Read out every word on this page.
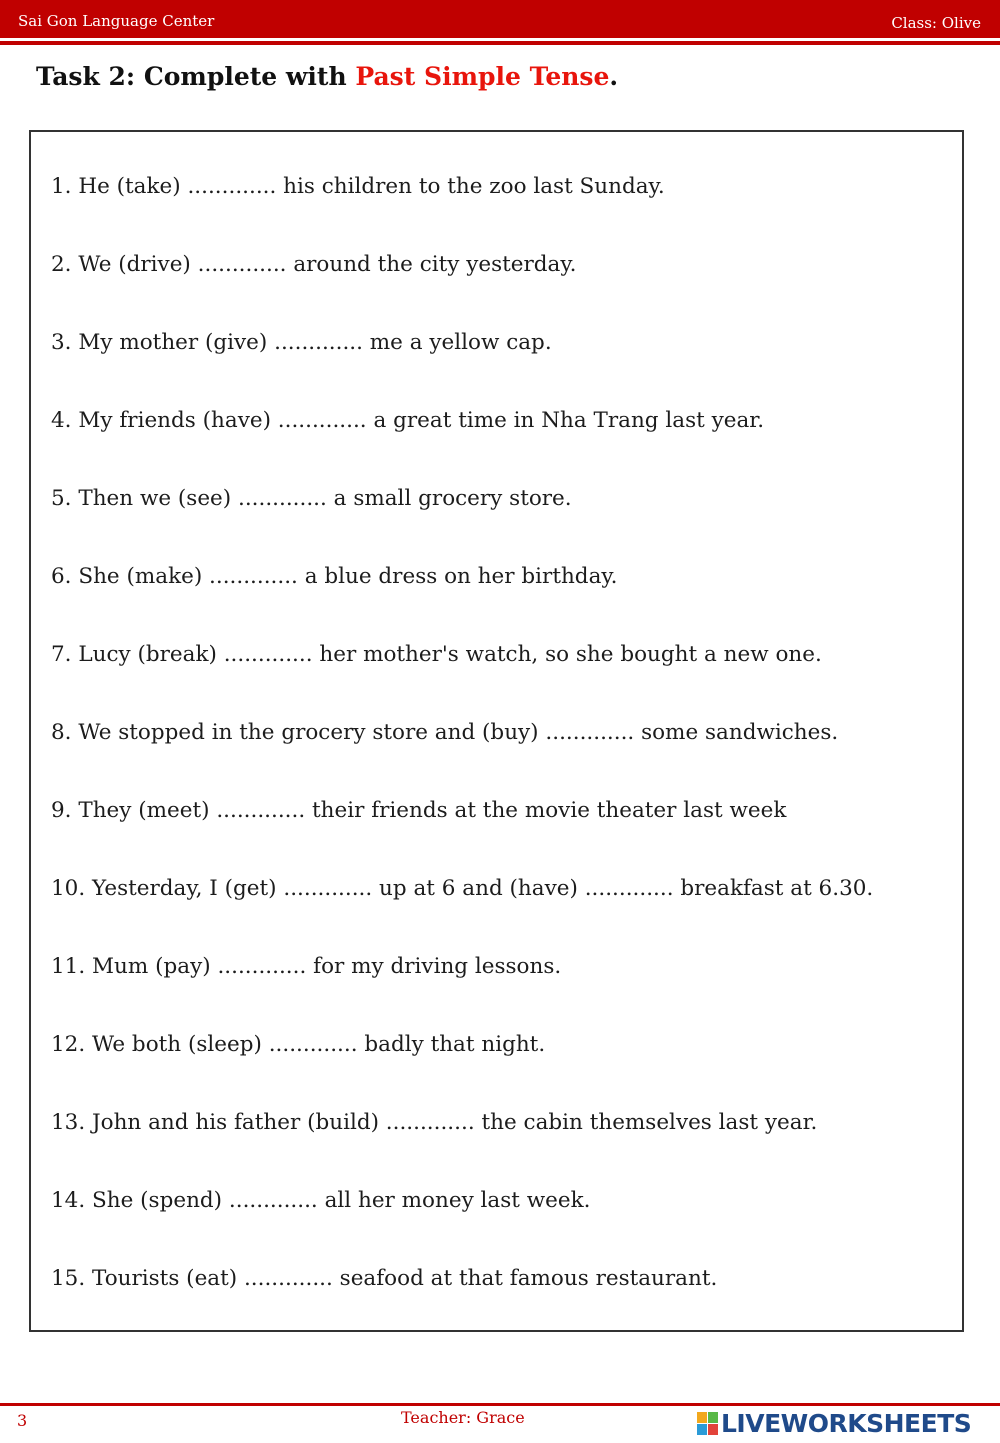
Sai Gon Language Center	Class: Olive
Task 2: Complete with Past Simple Tense.
1. He (take) ............. his children to the zoo last Sunday.
2. We (drive) ............. around the city yesterday.
3. My mother (give) ............. me a yellow cap.
4. My friends (have) ............. a great time in Nha Trang last year.
5. Then we (see) ............. a small grocery store.
6. She (make) ............. a blue dress on her birthday.
7. Lucy (break) ............. her mother's watch, so she bought a new one.
8. We stopped in the grocery store and (buy) ............. some sandwiches.
9. They (meet) ............. their friends at the movie theater last week
10. Yesterday, I (get) ............. up at 6 and (have) ............. breakfast at 6.30.
11. Mum (pay) ............. for my driving lessons.
12. We both (sleep) ............. badly that night.
13. John and his father (build) ............. the cabin themselves last year.
14. She (spend) ............. all her money last week.
15. Tourists (eat) ............. seafood at that famous restaurant.
3	Teacher: Grace	LIVEWORKSHEETS
